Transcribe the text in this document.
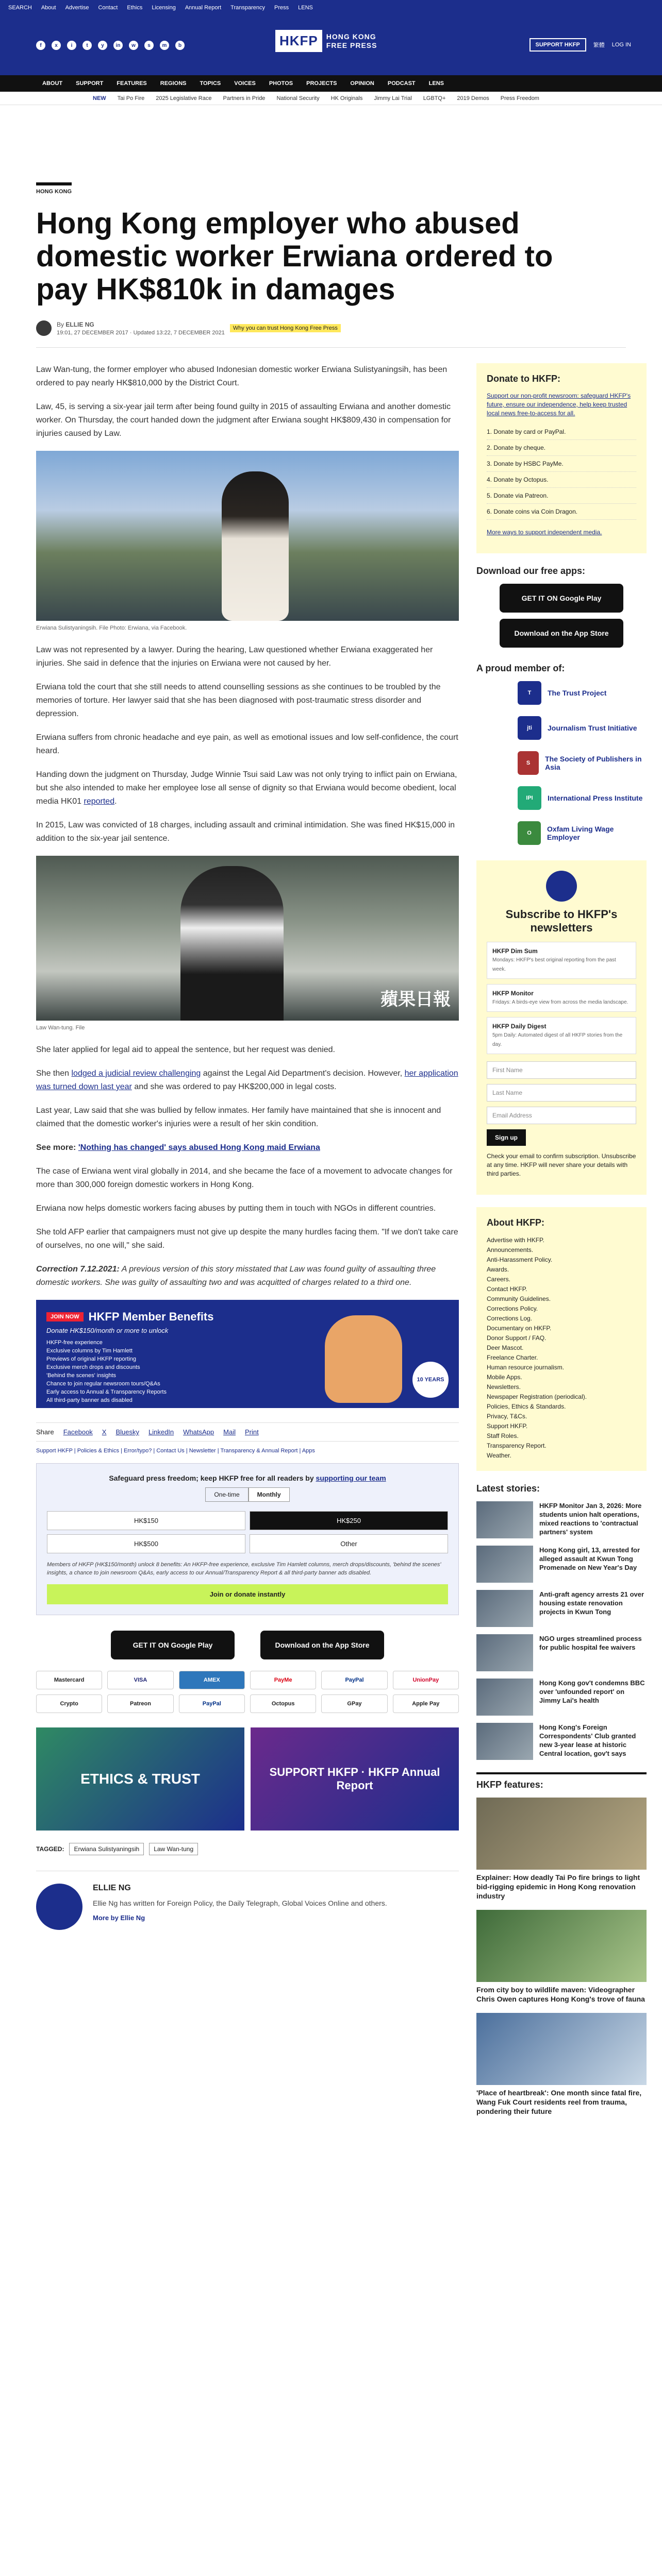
SEARCH About Advertise Contact Ethics Licensing Annual Report Transparency Press LENS
f	x	i	t	y	in	w	s	m	b	HKFP	HONG KONG
FREE PRESS	SUPPORT HKFP	繁體 LOG IN
ABOUT SUPPORT FEATURES REGIONS TOPICS VOICES PHOTOS PROJECTS OPINION PODCAST LENS
NEW Tai Po Fire 2025 Legislative Race Partners in Pride National Security HK Originals Jimmy Lai Trial LGBTQ+ 2019 Demos Press Freedom
HONG KONG
Hong Kong employer who abused domestic worker Erwiana ordered to pay HK$810k in damages
By ELLIE NG
19:01, 27 DECEMBER 2017 · Updated 13:22, 7 DECEMBER 2021
Why you can trust Hong Kong Free Press

Law Wan-tung, the former employer who abused Indonesian domestic worker Erwiana Sulistyaningsih, has been ordered to pay nearly HK$810,000 by the District Court.

Law, 45, is serving a six-year jail term after being found guilty in 2015 of assaulting Erwiana and another domestic worker. On Thursday, the court handed down the judgment after Erwiana sought HK$809,430 in compensation for injuries caused by Law.

Erwiana Sulistyaningsih. File Photo: Erwiana, via Facebook.

Law was not represented by a lawyer. During the hearing, Law questioned whether Erwiana exaggerated her injuries. She said in defence that the injuries on Erwiana were not caused by her.

Erwiana told the court that she still needs to attend counselling sessions as she continues to be troubled by the memories of torture. Her lawyer said that she has been diagnosed with post-traumatic stress disorder and depression.

Erwiana suffers from chronic headache and eye pain, as well as emotional issues and low self-confidence, the court heard.

Handing down the judgment on Thursday, Judge Winnie Tsui said Law was not only trying to inflict pain on Erwiana, but she also intended to make her employee lose all sense of dignity so that Erwiana would become obedient, local media HK01 reported.

In 2015, Law was convicted of 18 charges, including assault and criminal intimidation. She was fined HK$15,000 in addition to the six-year jail sentence.

蘋果日報
Law Wan-tung. File

She later applied for legal aid to appeal the sentence, but her request was denied.

She then lodged a judicial review challenging against the Legal Aid Department's decision. However, her application was turned down last year and she was ordered to pay HK$200,000 in legal costs.

Last year, Law said that she was bullied by fellow inmates. Her family have maintained that she is innocent and claimed that the domestic worker's injuries were a result of her skin condition.

See more: 'Nothing has changed' says abused Hong Kong maid Erwiana

The case of Erwiana went viral globally in 2014, and she became the face of a movement to advocate changes for more than 300,000 foreign domestic workers in Hong Kong.

Erwiana now helps domestic workers facing abuses by putting them in touch with NGOs in different countries.

She told AFP earlier that campaigners must not give up despite the many hurdles facing them. "If we don't take care of ourselves, no one will," she said.

Correction 7.12.2021: A previous version of this story misstated that Law was found guilty of assaulting three domestic workers. She was guilty of assaulting two and was acquitted of charges related to a third one.

JOIN NOW HKFP Member Benefits
Donate HK$150/month or more to unlock
HKFP-free experience
Exclusive columns by Tim Hamlett
Previews of original HKFP reporting
Exclusive merch drops and discounts
'Behind the scenes' insights
Chance to join regular newsroom tours/Q&As
Early access to Annual & Transparency Reports
All third-party banner ads disabled
10 YEARS
Share Facebook X Bluesky LinkedIn WhatsApp Mail Print
Support HKFP | Policies & Ethics | Error/typo? | Contact Us | Newsletter | Transparency & Annual Report | Apps
Safeguard press freedom; keep HKFP free for all readers by supporting our team
One-time	Monthly
HK$150	HK$250
HK$500	Other
Members of HKFP (HK$150/month) unlock 8 benefits: An HKFP-free experience, exclusive Tim Hamlett columns, merch drops/discounts, 'behind the scenes' insights, a chance to join newsroom Q&As, early access to our Annual/Transparency Report & all third-party banner ads disabled.
Join or donate instantly
GET IT ON Google Play	Download on the App Store
Mastercard	VISA	AMEX	PayMe	PayPal	UnionPay
Crypto	Patreon	PayPal	Octopus	GPay	Apple Pay
ETHICS & TRUST	SUPPORT HKFP · HKFP Annual Report
TAGGED:	Erwiana Sulistyaningsih	Law Wan-tung
ELLIE NG
Ellie Ng has written for Foreign Policy, the Daily Telegraph, Global Voices Online and others.
More by Ellie Ng
Donate to HKFP:

Support our non-profit newsroom: safeguard HKFP's future, ensure our independence, help keep trusted local news free-to-access for all.

1. Donate by card or PayPal.
2. Donate by cheque.
3. Donate by HSBC PayMe.
4. Donate by Octopus.
5. Donate via Patreon.
6. Donate coins via Coin Dragon.

More ways to support independent media.

Download our free apps:
GET IT ON Google Play
Download on the App Store
A proud member of:
T	The Trust Project
jti	Journalism Trust Initiative
S	The Society of Publishers in Asia
IPI	International Press Institute
O	Oxfam Living Wage Employer
Subscribe to HKFP's newsletters
HKFP Dim Sum
Mondays: HKFP's best original reporting from the past week.
HKFP Monitor
Fridays: A birds-eye view from across the media landscape.
HKFP Daily Digest
5pm Daily: Automated digest of all HKFP stories from the day.
First Name
Last Name
Email Address
Sign up

Check your email to confirm subscription. Unsubscribe at any time. HKFP will never share your details with third parties.

About HKFP:
Advertise with HKFP.
Announcements.
Anti-Harassment Policy.
Awards.
Careers.
Contact HKFP.
Community Guidelines.
Corrections Policy.
Corrections Log.
Documentary on HKFP.
Donor Support / FAQ.
Deer Mascot.
Freelance Charter.
Human resource journalism.
Mobile Apps.
Newsletters.
Newspaper Registration (periodical).
Policies, Ethics & Standards.
Privacy, T&Cs.
Support HKFP.
Staff Roles.
Transparency Report.
Weather.
Latest stories:

HKFP Monitor Jan 3, 2026: More students union halt operations, mixed reactions to 'contractual partners' system

Hong Kong girl, 13, arrested for alleged assault at Kwun Tong Promenade on New Year's Day

Anti-graft agency arrests 21 over housing estate renovation projects in Kwun Tong

NGO urges streamlined process for public hospital fee waivers

Hong Kong gov't condemns BBC over 'unfounded report' on Jimmy Lai's health

Hong Kong's Foreign Correspondents' Club granted new 3-year lease at historic Central location, gov't says

HKFP features:

Explainer: How deadly Tai Po fire brings to light bid-rigging epidemic in Hong Kong renovation industry

From city boy to wildlife maven: Videographer Chris Owen captures Hong Kong's trove of fauna

'Place of heartbreak': One month since fatal fire, Wang Fuk Court residents reel from trauma, pondering their future
